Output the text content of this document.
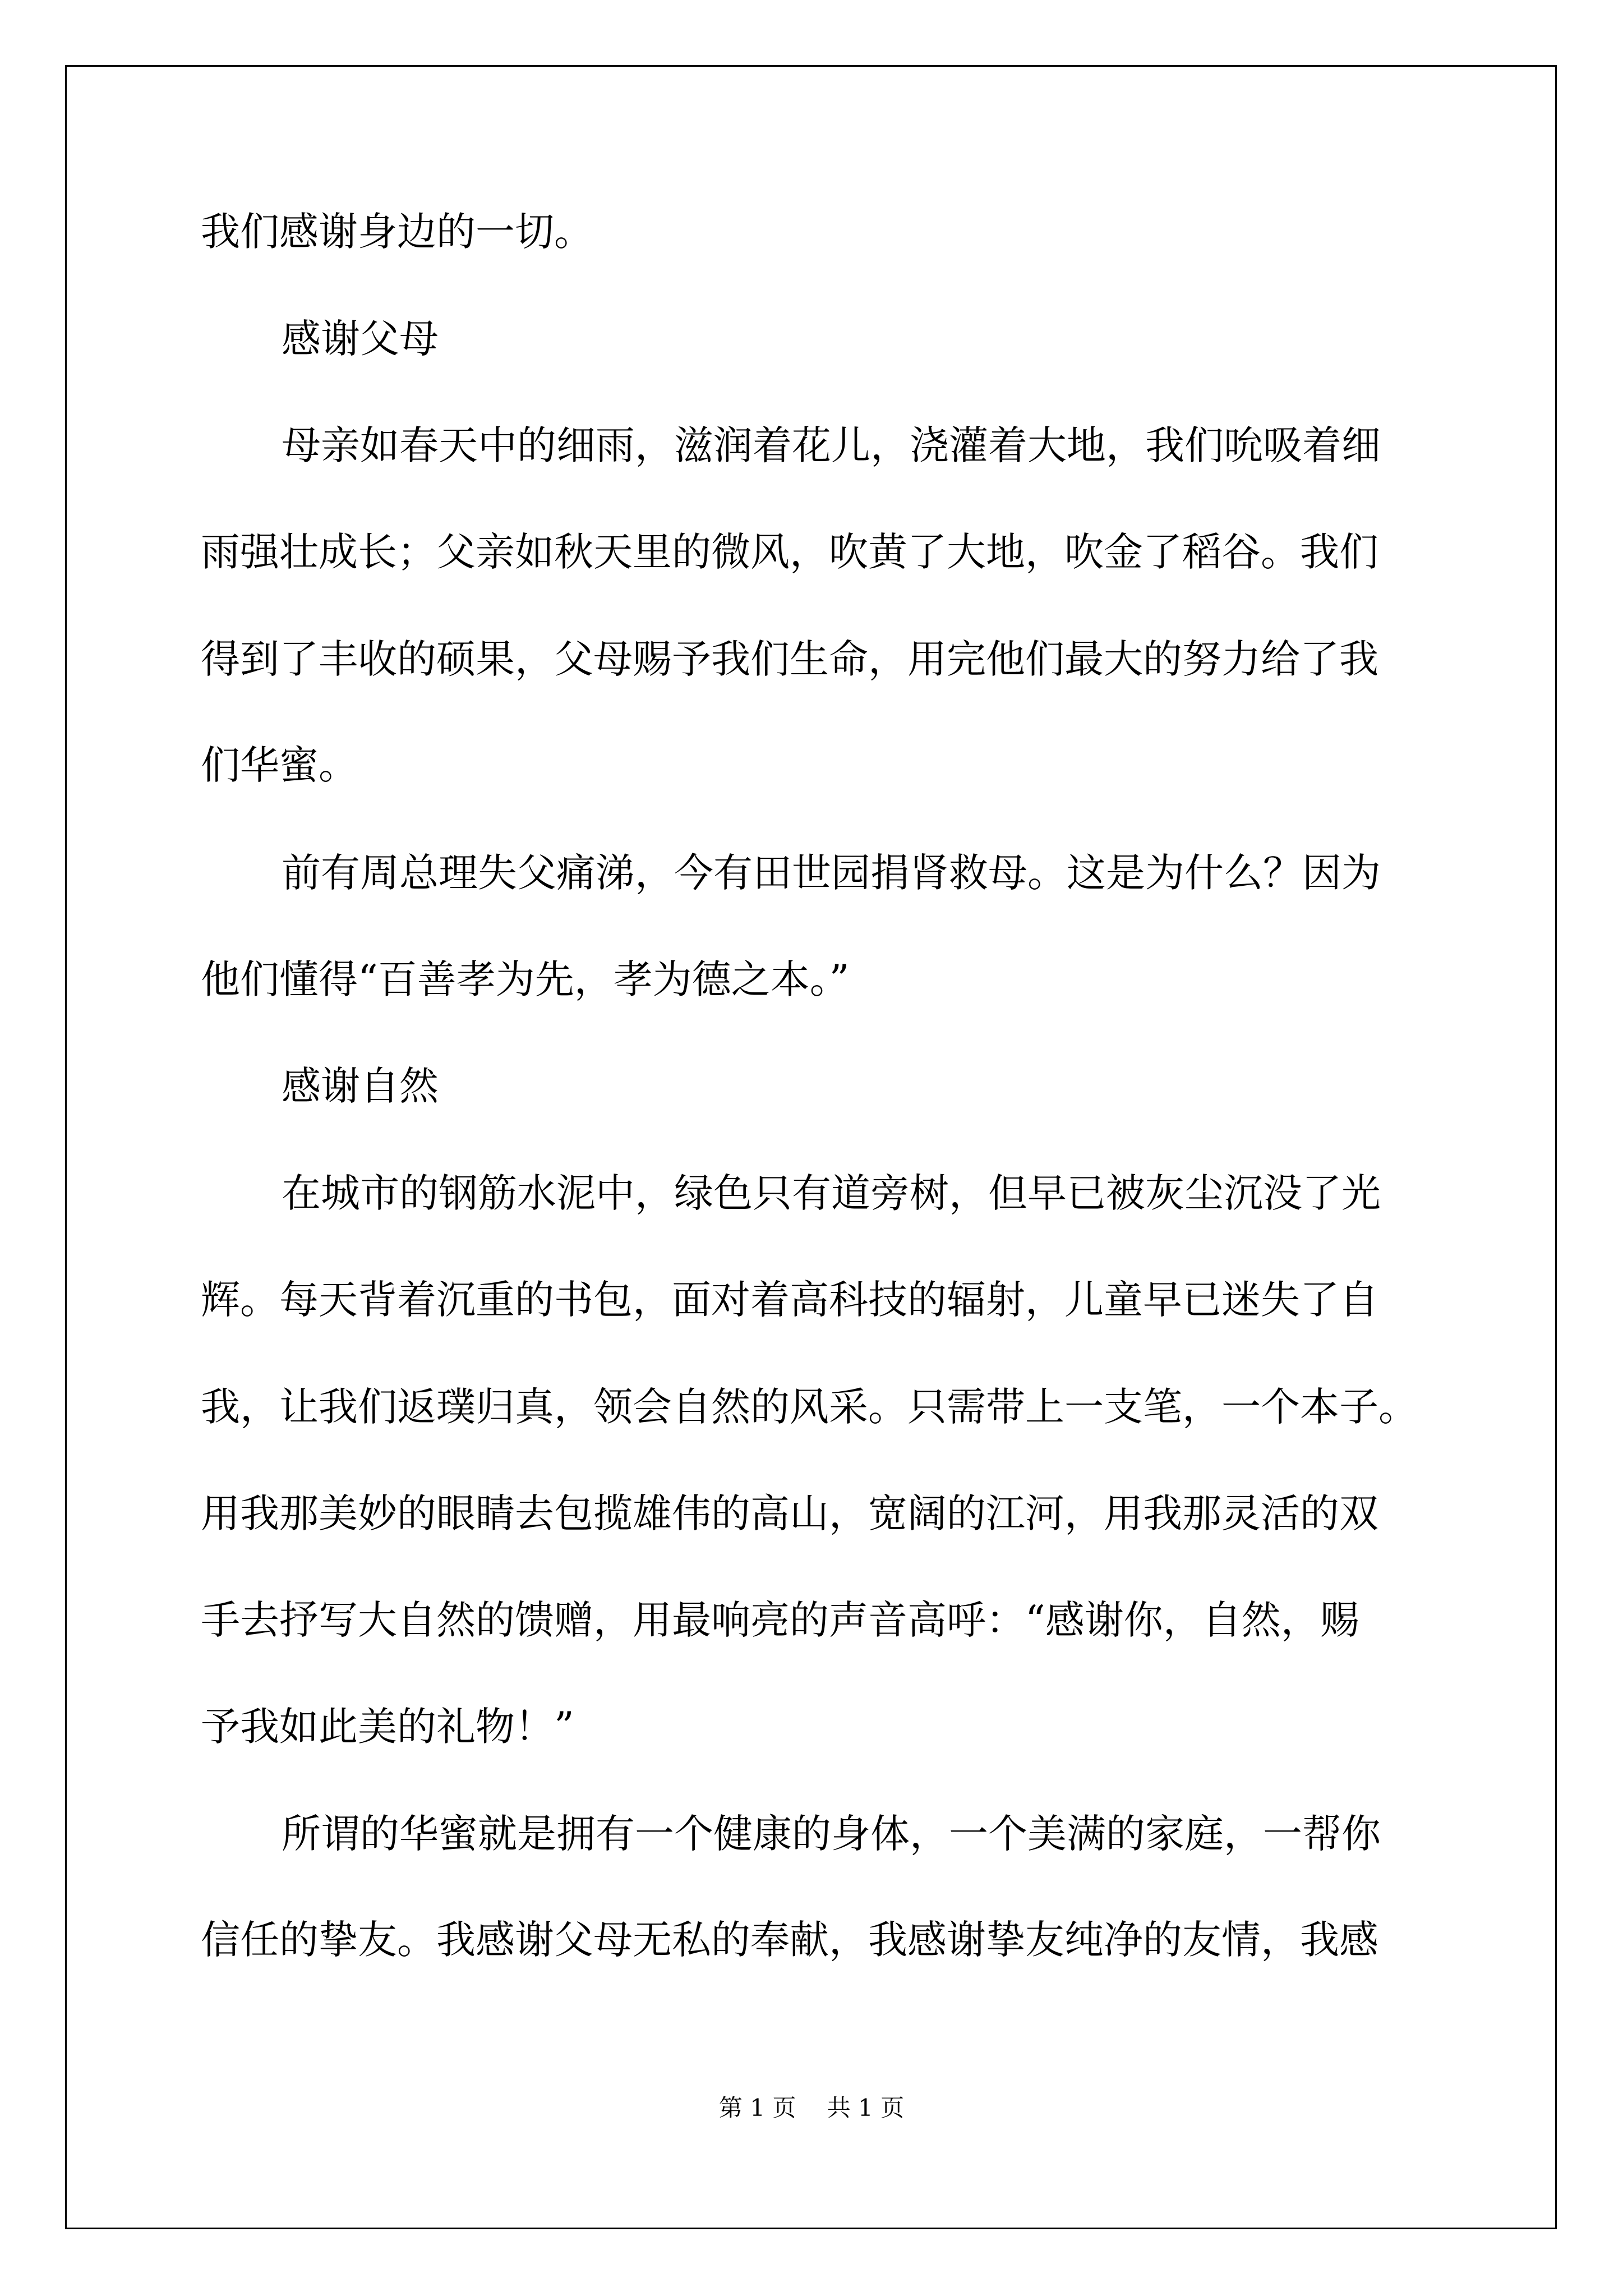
我们感谢身边的一切。

感谢父母

母亲如春天中的细雨，滋润着花儿，浇灌着大地，我们吮吸着细

雨强壮成长；父亲如秋天里的微风，吹黄了大地，吹金了稻谷。我们

得到了丰收的硕果，父母赐予我们生命，用完他们最大的努力给了我

们华蜜。

前有周总理失父痛涕，今有田世园捐肾救母。这是为什么？因为

他们懂得“百善孝为先，孝为德之本。”

感谢自然

在城市的钢筋水泥中，绿色只有道旁树，但早已被灰尘沉没了光

辉。每天背着沉重的书包，面对着高科技的辐射，儿童早已迷失了自

我，让我们返璞归真，领会自然的风采。只需带上一支笔，一个本子。

用我那美妙的眼睛去包揽雄伟的高山，宽阔的江河，用我那灵活的双

手去抒写大自然的馈赠，用最响亮的声音高呼：“感谢你，自然，赐

予我如此美的礼物！”

所谓的华蜜就是拥有一个健康的身体，一个美满的家庭，一帮你

信任的挚友。我感谢父母无私的奉献，我感谢挚友纯净的友情，我感

第 1 页　 共 1 页
